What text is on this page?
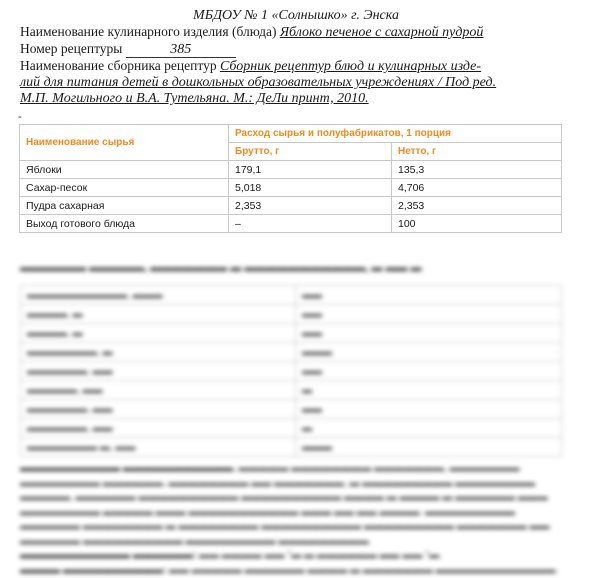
МБДОУ № 1 «Солнышко» г. Энска
Наименование кулинарного изделия (блюда) Яблоко печеное с сахарной пудрой
Номер рецептуры	385
Наименование сборника рецептур Сборник рецептур блюд и кулинарных изде-
лий для питания детей в дошкольных образовательных учреждениях / Под ред.
М.П. Могильного и В.А. Тутельяна. М.: ДеЛи принт, 2010.
-
Наименование сырья	Расход сырья и полуфабрикатов, 1 порция	
	Брутто, г	Нетто, г
Яблоки	179,1	135,3
Сахар-песок	5,018	4,706
Пудра сахарная	2,353	2,353
Выход готового блюда	–	100
▬▬▬▬▬▬ ▬▬▬▬▬, ▬▬▬▬▬▬▬ ▬ ▬▬▬▬▬▬▬▬▬▬▬, ▬ ▬▬ ▬
▬▬▬▬▬▬▬▬▬▬, ▬▬▬	▬▬
▬▬▬▬, ▬	▬▬
▬▬▬▬, ▬	▬▬
▬▬▬▬▬▬▬, ▬	▬▬▬
▬▬▬▬▬▬, ▬▬	▬▬
▬▬▬▬▬, ▬▬	▬
▬▬▬▬▬▬, ▬▬	▬▬
▬▬▬▬▬▬, ▬▬	▬
▬▬▬▬▬▬▬ ▬, ▬▬	▬▬▬
▬▬▬▬▬▬▬▬▬▬ ▬▬▬▬▬▬▬▬▬▬▬. ▬▬▬▬▬ ▬▬▬▬▬▬▬▬ ▬▬▬▬▬▬▬, ▬▬▬▬▬▬▬ ▬▬▬▬▬▬▬▬ ▬▬▬▬▬▬, ▬▬▬▬▬▬▬▬ ▬▬ ▬▬▬▬▬▬▬, ▬ ▬▬▬▬▬▬▬▬▬ ▬▬▬▬▬▬▬▬ ▬▬▬▬▬, ▬▬▬▬▬▬ ▬▬▬▬▬▬▬▬▬▬ ▬▬▬▬▬▬▬▬▬▬ ▬▬▬▬ ▬ ▬▬▬▬ ▬ ▬▬▬▬▬▬ ▬▬▬ ▬▬▬▬▬▬▬▬ ▬▬▬▬▬ ▬▬▬ ▬▬▬▬▬▬▬▬▬▬▬ ▬▬▬ ▬▬ ▬▬ ▬▬▬▬. ▬▬▬▬▬▬▬▬▬ ▬▬▬▬▬▬ ▬▬▬▬▬▬▬▬ ▬ ▬▬▬▬▬▬▬▬ ▬▬▬▬▬▬▬▬▬▬ ▬▬▬▬▬▬▬▬▬ ▬▬▬▬▬▬▬ ▬▬ ▬▬▬▬▬▬ ▬▬▬▬▬▬▬▬▬▬ ▬▬▬▬▬▬▬▬▬ ▬▬▬▬▬▬▬▬▬.
▬▬▬▬▬▬▬▬▬▬▬ ▬▬▬▬▬▬: ▬▬ ▬▬▬▬ ▬▬ °▬ ▬ ▬▬▬▬▬▬ ▬▬ ▬▬ °▬.
▬▬▬▬ ▬▬▬▬▬▬▬▬▬▬: ▬▬ ▬▬▬▬▬ ▬▬▬▬▬▬ ▬▬▬▬ ▬ ▬▬▬▬▬▬▬ ▬▬▬▬▬▬▬▬▬▬▬▬.
